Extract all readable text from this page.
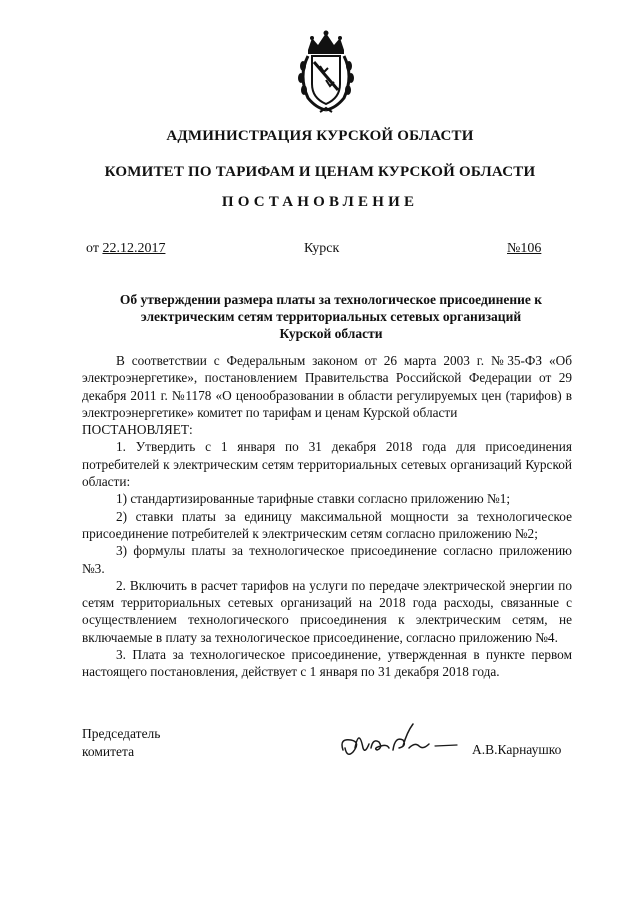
АДМИНИСТРАЦИЯ КУРСКОЙ ОБЛАСТИ
КОМИТЕТ ПО ТАРИФАМ И ЦЕНАМ КУРСКОЙ ОБЛАСТИ
ПОСТАНОВЛЕНИЕ
от 22.12.2017	Курск	№106
Об утверждении размера платы за технологическое присоединение к
электрическим сетям территориальных сетевых организаций
Курской области

В соответствии с Федеральным законом от 26 марта 2003 г. №35-ФЗ «Об электроэнергетике», постановлением Правительства Российской Федерации от 29 декабря 2011 г. №1178 «О ценообразовании в области регулируемых цен (тарифов) в электроэнергетике» комитет по тарифам и ценам Курской области

ПОСТАНОВЛЯЕТ:

1. Утвердить с 1 января по 31 декабря 2018 года для присоединения потребителей к электрическим сетям территориальных сетевых организаций Курской области:

1) стандартизированные тарифные ставки согласно приложению №1;

2) ставки платы за единицу максимальной мощности за технологическое присоединение потребителей к электрическим сетям согласно приложению №2;

3) формулы платы за технологическое присоединение согласно приложению №3.

2. Включить в расчет тарифов на услуги по передаче электрической энергии по сетям территориальных сетевых организаций на 2018 года расходы, связанные с осуществлением технологического присоединения к электрическим сетям, не включаемые в плату за технологическое присоединение, согласно приложению №4.

3. Плата за технологическое присоединение, утвержденная в пункте первом настоящего постановления, действует с 1 января по 31 декабря 2018 года.

Председатель
комитета	А.В.Карнаушко
